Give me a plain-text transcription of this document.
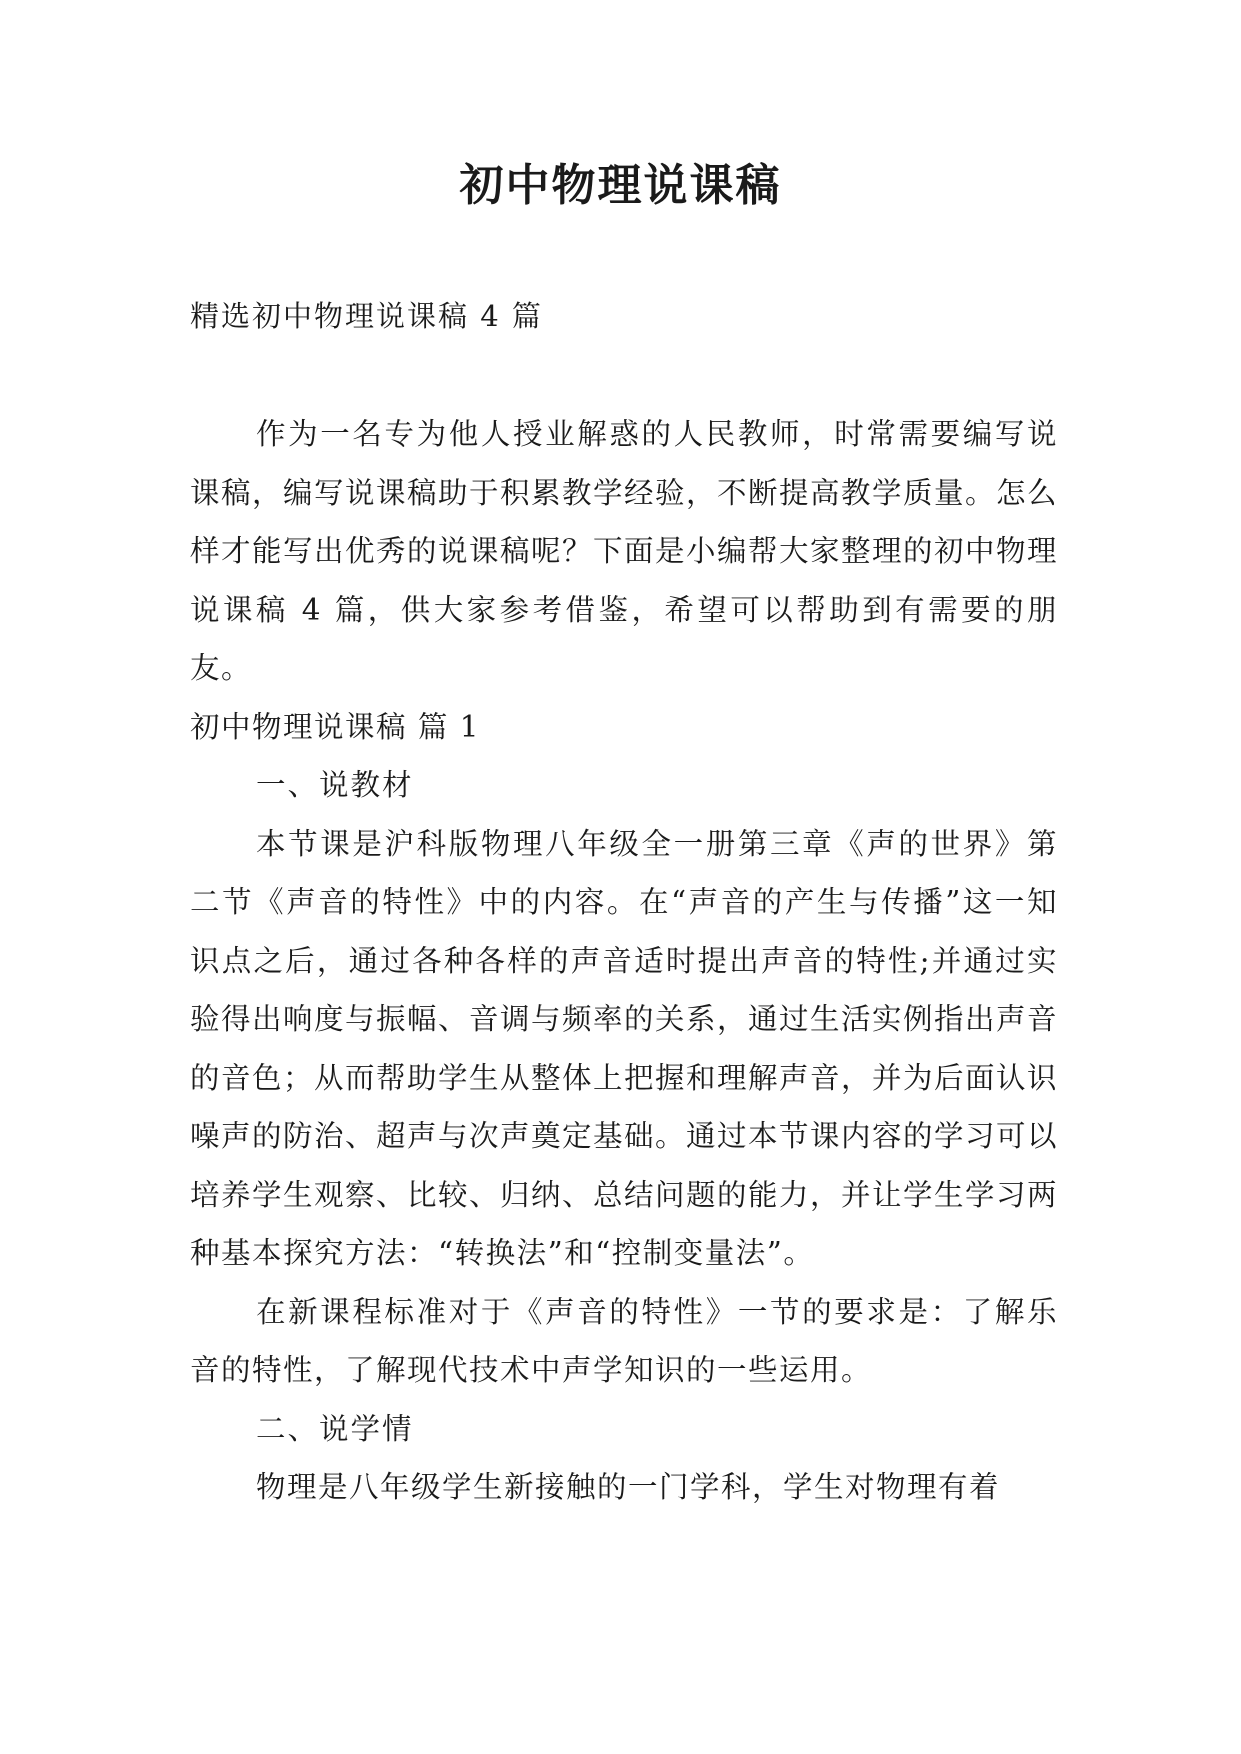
初中物理说课稿
精选初中物理说课稿 4 篇

作为一名专为他人授业解惑的人民教师，时常需要编写说课稿，编写说课稿助于积累教学经验，不断提高教学质量。怎么样才能写出优秀的说课稿呢？下面是小编帮大家整理的初中物理说课稿 4 篇，供大家参考借鉴，希望可以帮助到有需要的朋友。

初中物理说课稿 篇 1

一、说教材

本节课是沪科版物理八年级全一册第三章《声的世界》第二节《声音的特性》中的内容。在“声音的产生与传播”这一知识点之后，通过各种各样的声音适时提出声音的特性;并通过实验得出响度与振幅、音调与频率的关系，通过生活实例指出声音的音色；从而帮助学生从整体上把握和理解声音，并为后面认识噪声的防治、超声与次声奠定基础。通过本节课内容的学习可以培养学生观察、比较、归纳、总结问题的能力，并让学生学习两种基本探究方法：“转换法”和“控制变量法”。

在新课程标准对于《声音的特性》一节的要求是：了解乐音的特性，了解现代技术中声学知识的一些运用。

二、说学情

物理是八年级学生新接触的一门学科，学生对物理有着
